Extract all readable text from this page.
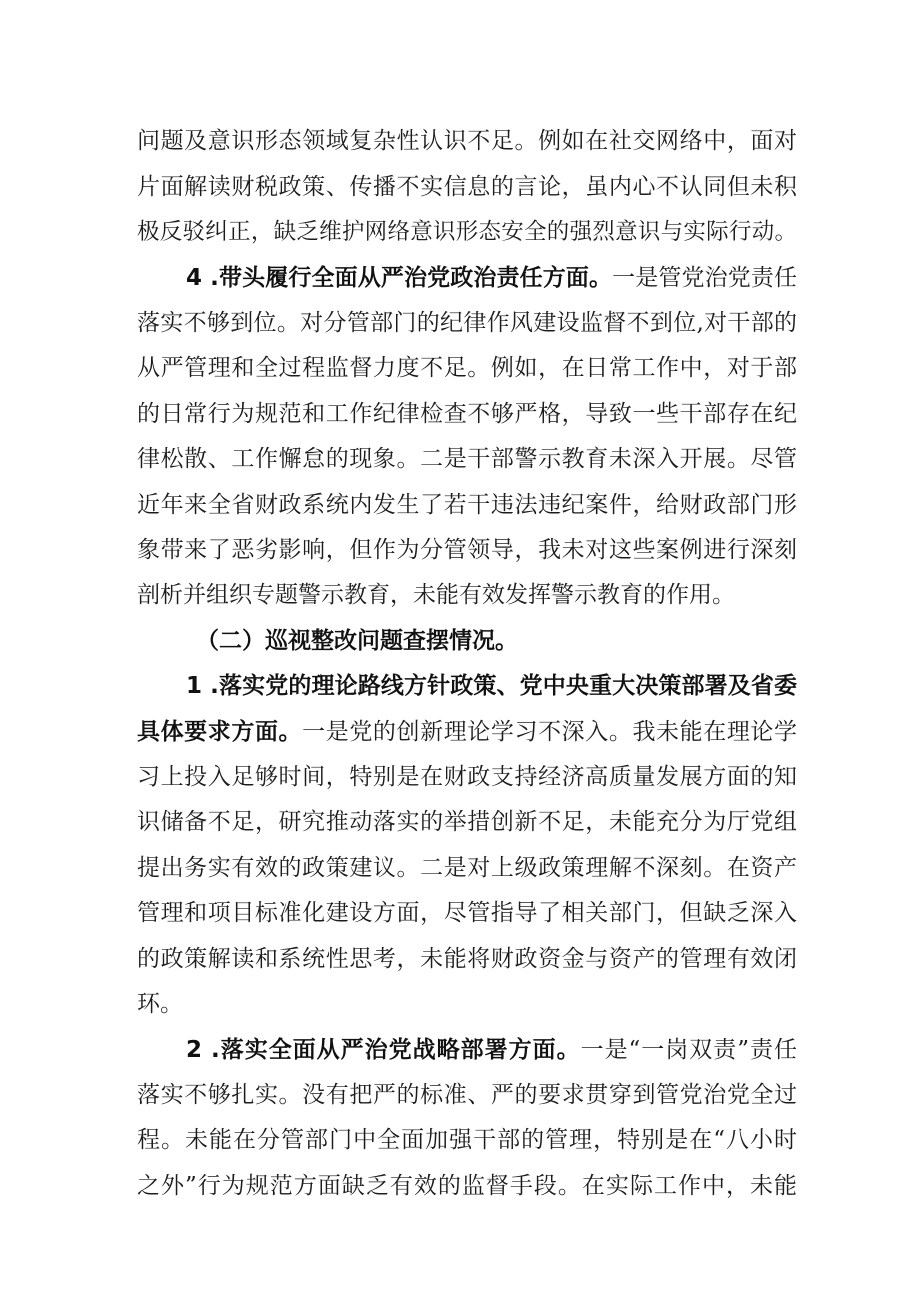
问题及意识形态领域复杂性认识不足。例如在社交网络中，面对
片面解读财税政策、传播不实信息的言论，虽内心不认同但未积
极反驳纠正，缺乏维护网络意识形态安全的强烈意识与实际行动。
4 .带头履行全面从严治党政治责任方面。一是管党治党责任
落实不够到位。对分管部门的纪律作风建设监督不到位,对干部的
从严管理和全过程监督力度不足。例如，在日常工作中，对于部
的日常行为规范和工作纪律检查不够严格，导致一些干部存在纪
律松散、工作懈怠的现象。二是干部警示教育未深入开展。尽管
近年来全省财政系统内发生了若干违法违纪案件，给财政部门形
象带来了恶劣影响，但作为分管领导，我未对这些案例进行深刻
剖析并组织专题警示教育，未能有效发挥警示教育的作用。
（二）巡视整改问题查摆情况。
1 .落实党的理论路线方针政策、党中央重大决策部署及省委
具体要求方面。一是党的创新理论学习不深入。我未能在理论学
习上投入足够时间，特别是在财政支持经济高质量发展方面的知
识储备不足，研究推动落实的举措创新不足，未能充分为厅党组
提出务实有效的政策建议。二是对上级政策理解不深刻。在资产
管理和项目标准化建设方面，尽管指导了相关部门，但缺乏深入
的政策解读和系统性思考，未能将财政资金与资产的管理有效闭
环。
2 .落实全面从严治党战略部署方面。一是“一岗双责”责任
落实不够扎实。没有把严的标准、严的要求贯穿到管党治党全过
程。未能在分管部门中全面加强干部的管理，特别是在“八小时
之外”行为规范方面缺乏有效的监督手段。在实际工作中，未能
